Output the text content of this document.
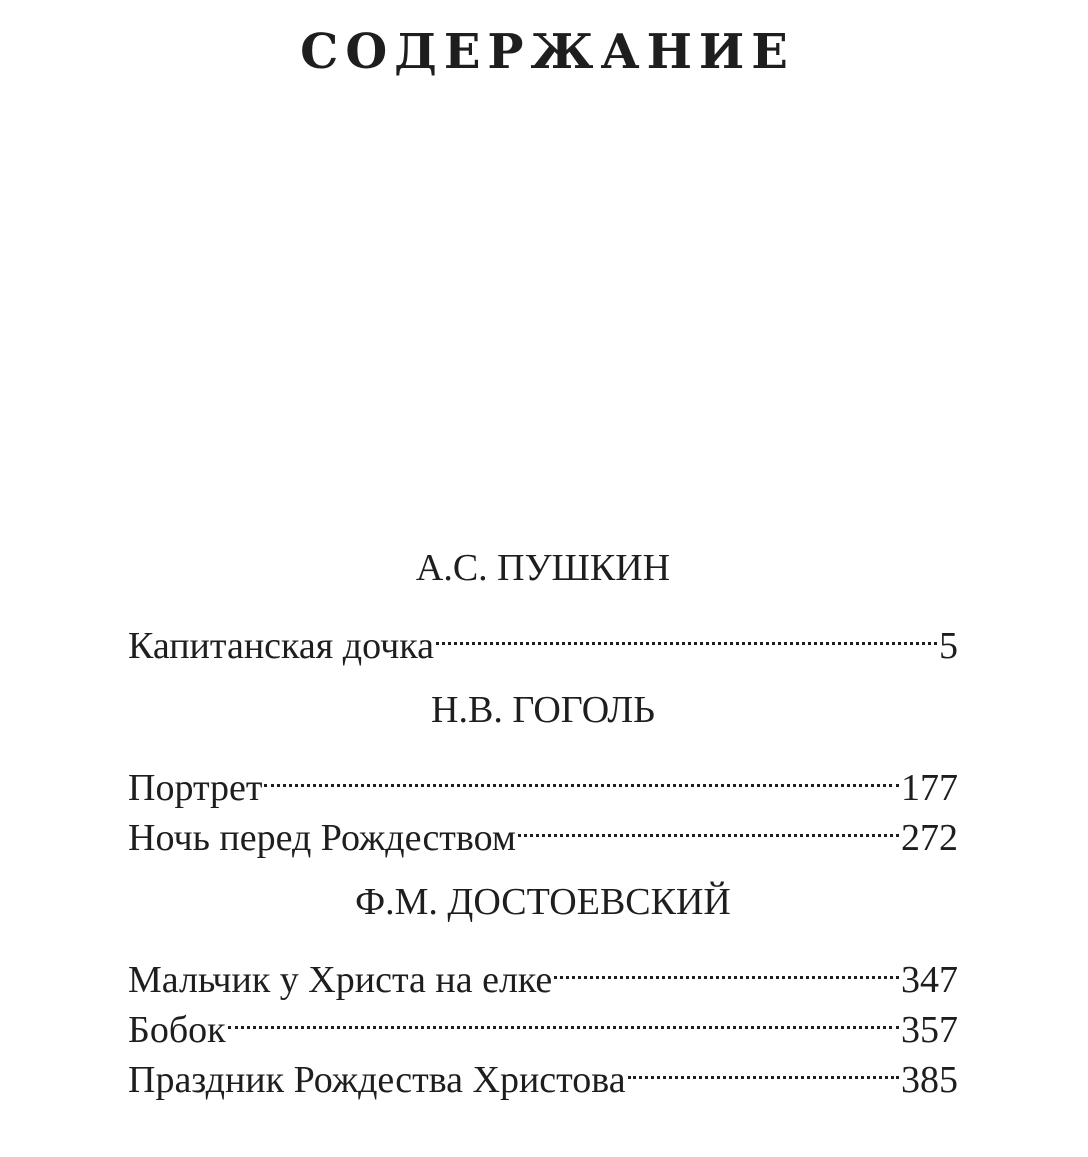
СОДЕРЖАНИЕ
А.С. ПУШКИН
Капитанская дочка	5
Н.В. ГОГОЛЬ
Портрет	177
Ночь перед Рождеством	272
Ф.М. ДОСТОЕВСКИЙ
Мальчик у Христа на елке	347
Бобок	357
Праздник Рождества Христова	385
